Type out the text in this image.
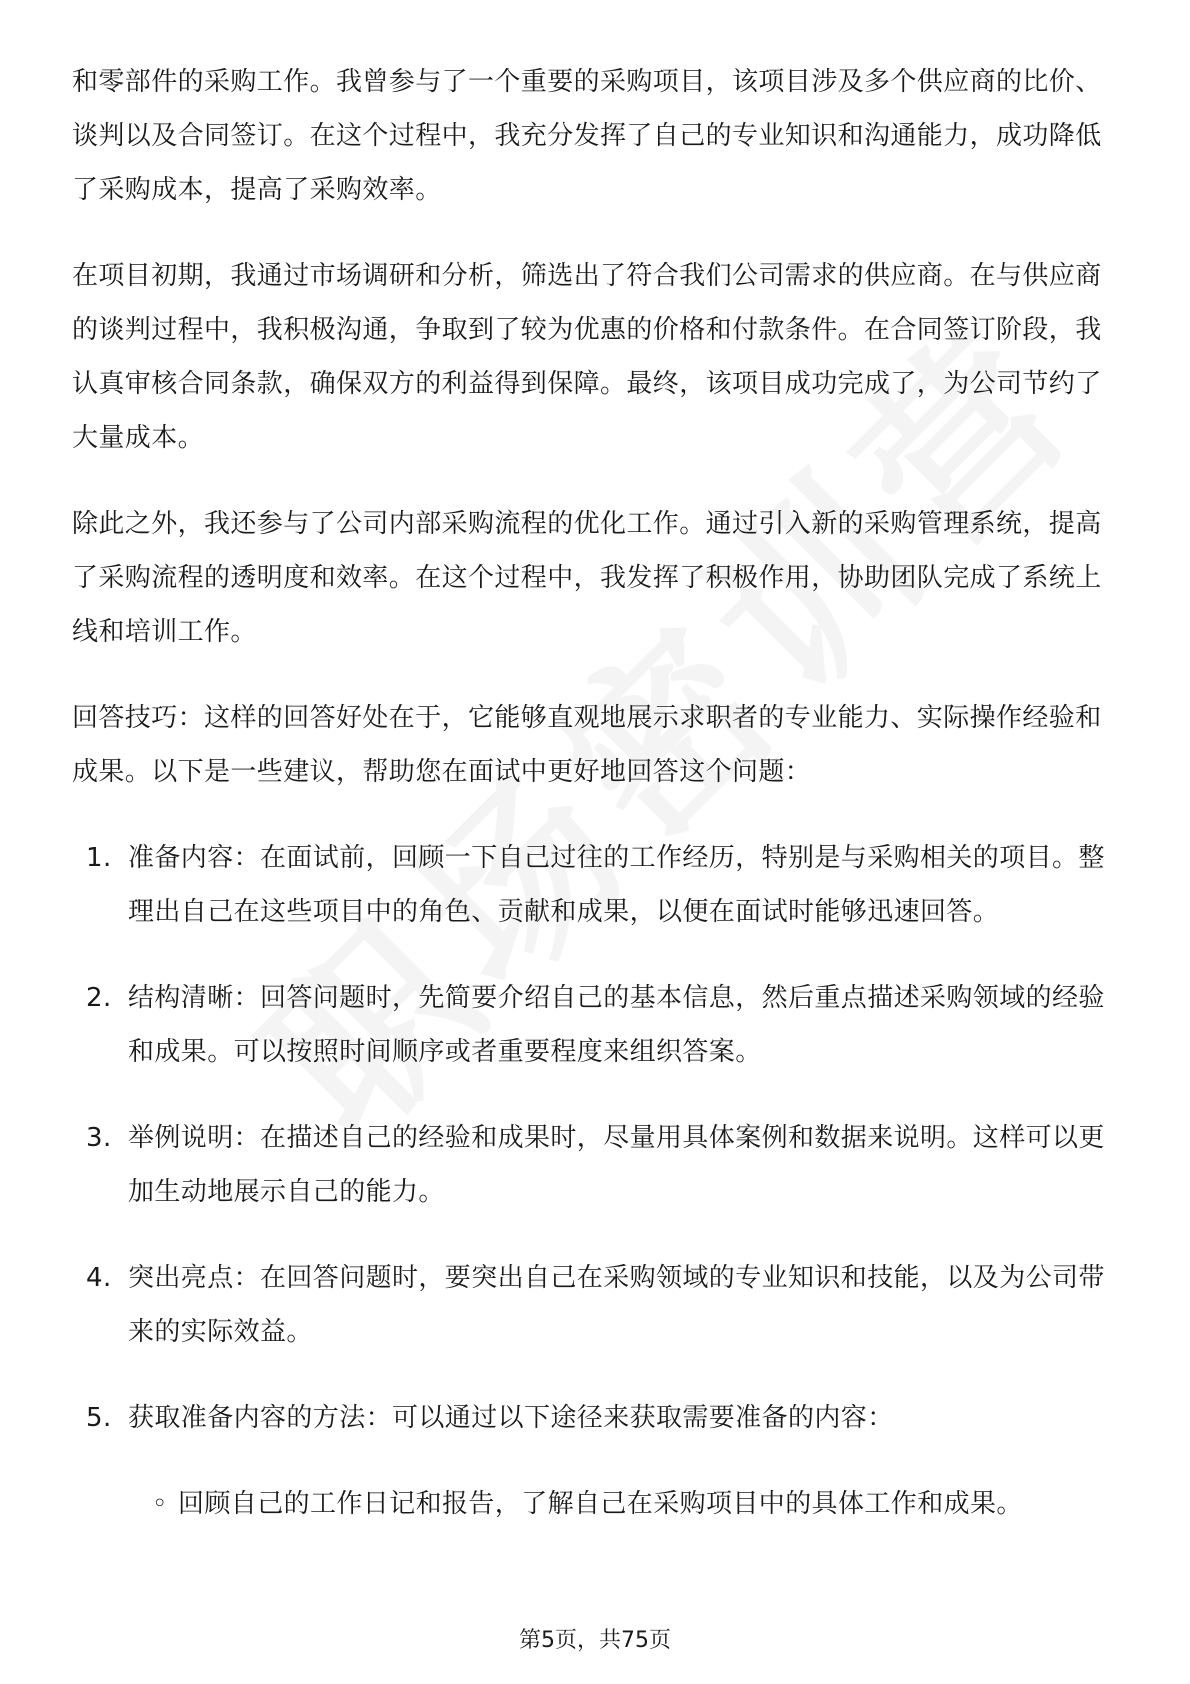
和零部件的采购工作。我曾参与了一个重要的采购项目，该项目涉及多个供应商的比价、谈判以及合同签订。在这个过程中，我充分发挥了自己的专业知识和沟通能力，成功降低了采购成本，提高了采购效率。

在项目初期，我通过市场调研和分析，筛选出了符合我们公司需求的供应商。在与供应商的谈判过程中，我积极沟通，争取到了较为优惠的价格和付款条件。在合同签订阶段，我认真审核合同条款，确保双方的利益得到保障。最终，该项目成功完成了，为公司节约了大量成本。

除此之外，我还参与了公司内部采购流程的优化工作。通过引入新的采购管理系统，提高了采购流程的透明度和效率。在这个过程中，我发挥了积极作用，协助团队完成了系统上线和培训工作。

回答技巧：这样的回答好处在于，它能够直观地展示求职者的专业能力、实际操作经验和成果。以下是一些建议，帮助您在面试中更好地回答这个问题：

1. 准备内容：在面试前，回顾一下自己过往的工作经历，特别是与采购相关的项目。整理出自己在这些项目中的角色、贡献和成果，以便在面试时能够迅速回答。
2. 结构清晰：回答问题时，先简要介绍自己的基本信息，然后重点描述采购领域的经验和成果。可以按照时间顺序或者重要程度来组织答案。
3. 举例说明：在描述自己的经验和成果时，尽量用具体案例和数据来说明。这样可以更加生动地展示自己的能力。
4. 突出亮点：在回答问题时，要突出自己在采购领域的专业知识和技能，以及为公司带来的实际效益。
5. 获取准备内容的方法：可以通过以下途径来获取需要准备的内容：
◦ 回顾自己的工作日记和报告，了解自己在采购项目中的具体工作和成果。
第5页，共75页
